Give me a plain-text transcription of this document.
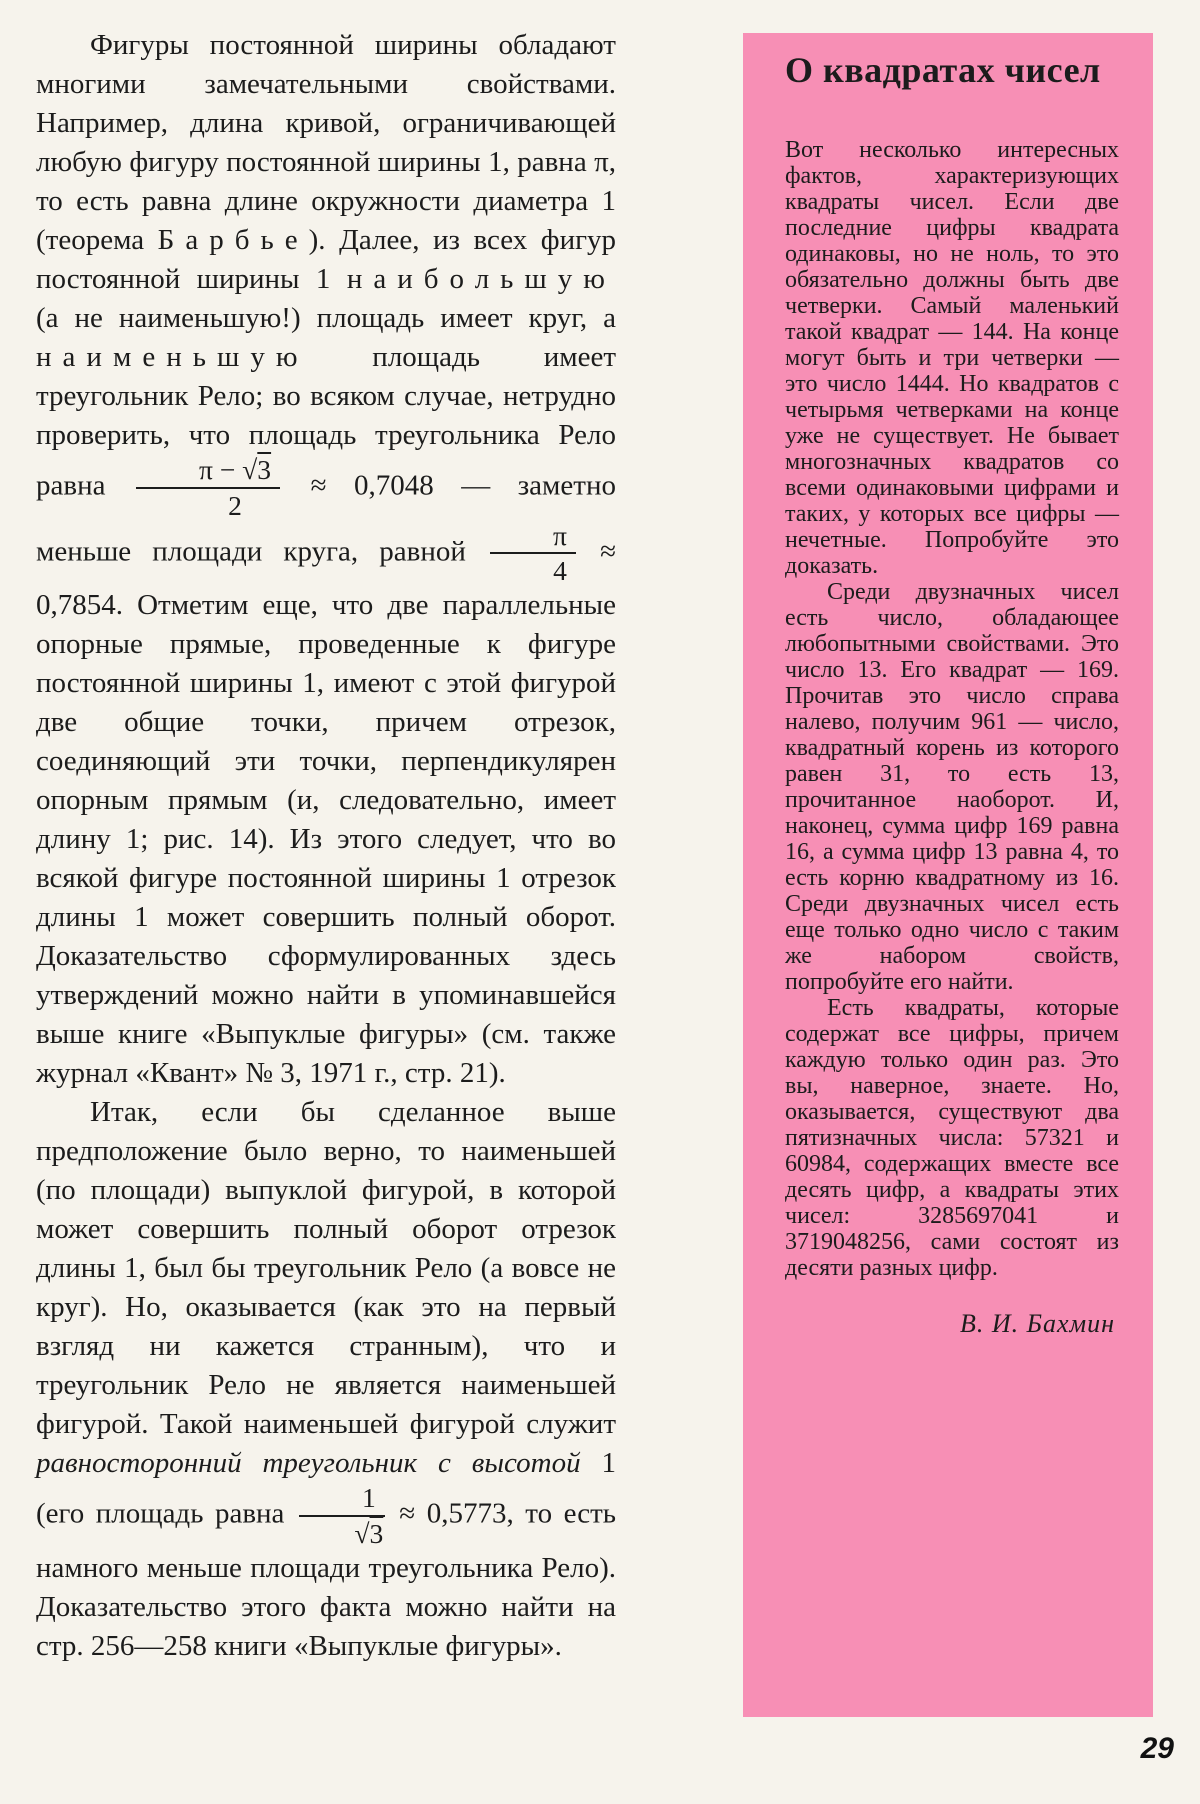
Фигуры постоянной ширины обладают многими замечательными свойствами. Например, длина кривой, ограничивающей любую фигуру постоянной ширины 1, равна π, то есть равна длине окружности диаметра 1 (теорема Барбье). Далее, из всех фигур постоянной ширины 1 наибольшую (а не наименьшую!) площадь имеет круг, а наименьшую площадь имеет треугольник Рело; во всяком случае, нетрудно проверить, что площадь треугольника Рело равна $\frac{\pi - √3}{2} \approx 0,7048$ — заметно меньше площади круга, равной $\frac{\pi}{4} \approx 0,7854$. Отметим еще, что две параллельные опорные прямые, проведенные к фигуре постоянной ширины 1, имеют с этой фигурой две общие точки, причем отрезок, соединяющий эти точки, перпендикулярен опорным прямым (и, следовательно, имеет длину 1; рис. 14). Из этого следует, что во всякой фигуре постоянной ширины 1 отрезок длины 1 может совершить полный оборот. Доказательство сформулированных здесь утверждений можно найти в упоминавшейся выше книге «Выпуклые фигуры» (см. также журнал «Квант» № 3, 1971 г., стр. 21).

Итак, если бы сделанное выше предположение было верно, то наименьшей (по площади) выпуклой фигурой, в которой может совершить полный оборот отрезок длины 1, был бы треугольник Рело (а вовсе не круг). Но, оказывается (как это на первый взгляд ни кажется странным), что и треугольник Рело не является наименьшей фигурой. Такой наименьшей фигурой служит равносторонний треугольник с высотой 1 (его площадь равна $\frac{1}{√3} \approx 0,5773$, то есть намного меньше площади треугольника Рело). Доказательство этого факта можно найти на стр. 256—258 книги «Выпуклые фигуры».

О квадратах чисел

Вот несколько интересных фактов, характеризующих квадраты чисел. Если две последние цифры квадрата одинаковы, но не ноль, то это обязательно должны быть две четверки. Самый маленький такой квадрат — 144. На конце могут быть и три четверки — это число 1444. Но квадратов с четырьмя четверками на конце уже не существует. Не бывает многозначных квадратов со всеми одинаковыми цифрами и таких, у которых все цифры — нечетные. Попробуйте это доказать.

Среди двузначных чисел есть число, обладающее любопытными свойствами. Это число 13. Его квадрат — 169. Прочитав это число справа налево, получим 961 — число, квадратный корень из которого равен 31, то есть 13, прочитанное наоборот. И, наконец, сумма цифр 169 равна 16, а сумма цифр 13 равна 4, то есть корню квадратному из 16. Среди двузначных чисел есть еще только одно число с таким же набором свойств, попробуйте его найти.

Есть квадраты, которые содержат все цифры, причем каждую только один раз. Это вы, наверное, знаете. Но, оказывается, существуют два пятизначных числа: 57321 и 60984, содержащих вместе все десять цифр, а квадраты этих чисел: 3285697041 и 3719048256, сами состоят из десяти разных цифр.

В. И. Бахмин
29
